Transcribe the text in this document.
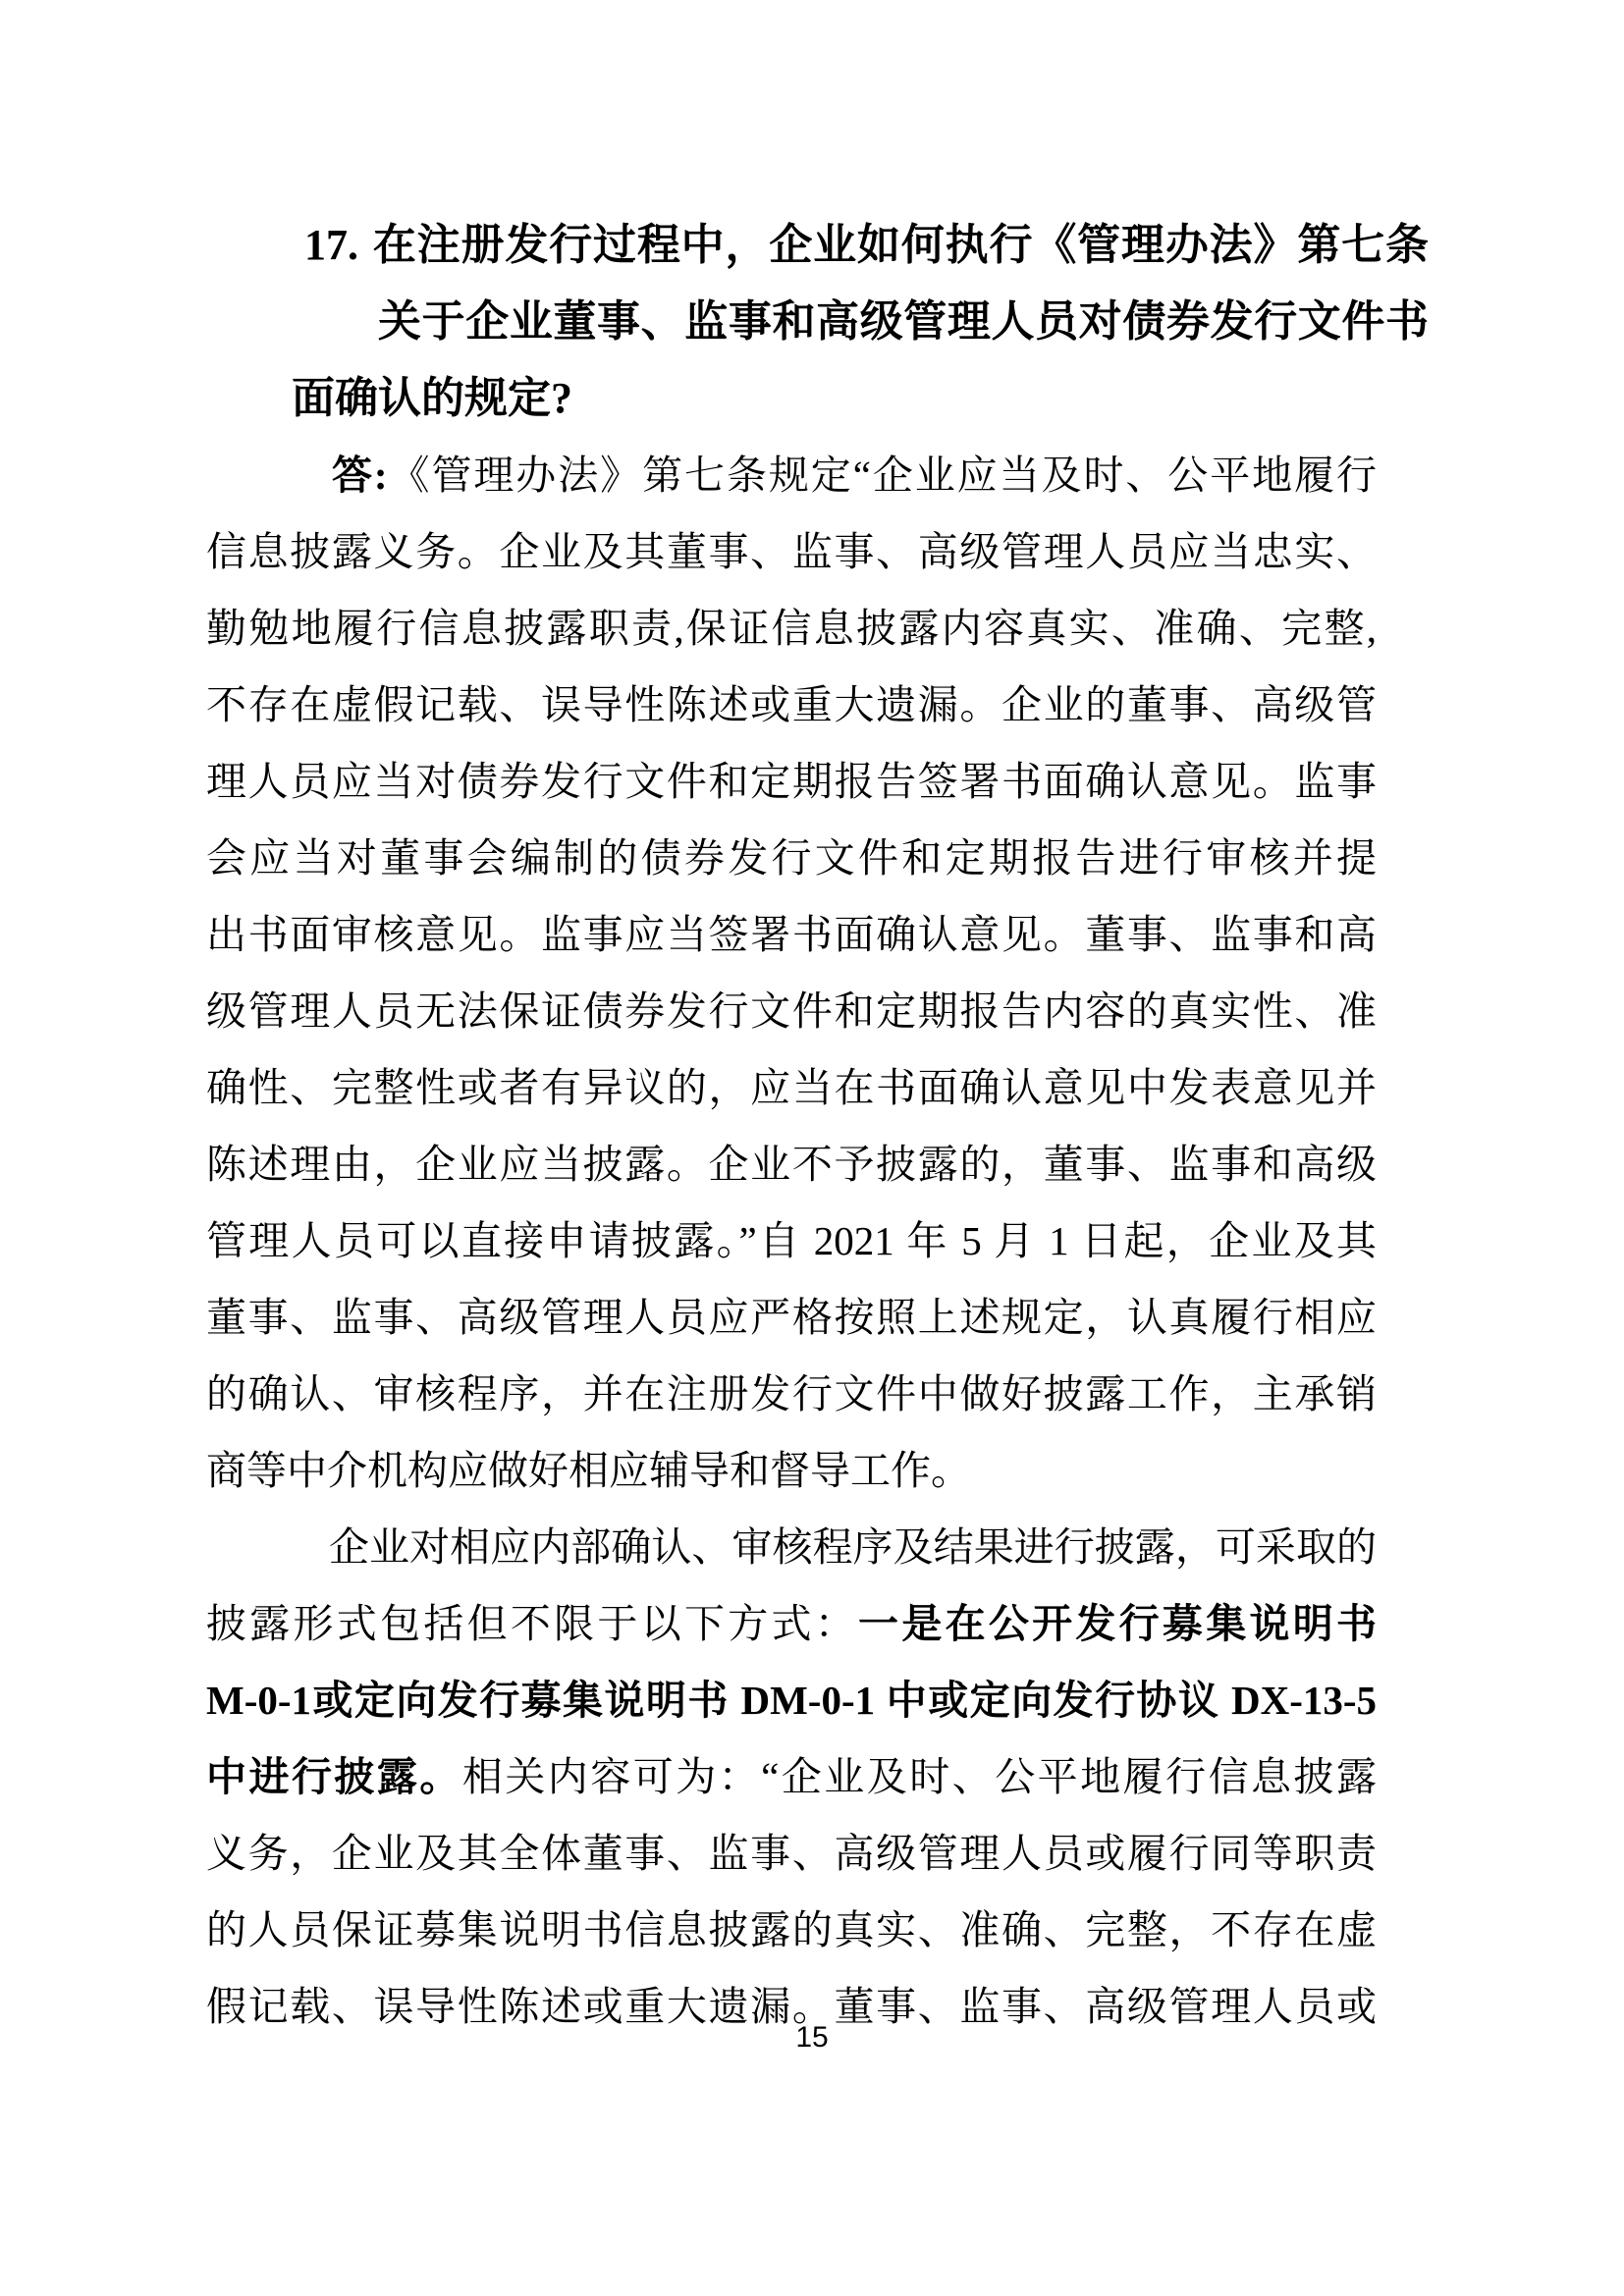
17. 在注册发行过程中，企业如何执行《管理办法》第七条
关于企业董事、监事和高级管理人员对债券发行文件书
面确认的规定?
答:《管理办法》第七条规定“企业应当及时、公平地履行
信息披露义务。企业及其董事、监事、高级管理人员应当忠实、
勤勉地履行信息披露职责,保证信息披露内容真实、准确、完整,
不存在虚假记载、误导性陈述或重大遗漏。企业的董事、高级管
理人员应当对债券发行文件和定期报告签署书面确认意见。监事
会应当对董事会编制的债券发行文件和定期报告进行审核并提
出书面审核意见。监事应当签署书面确认意见。董事、监事和高
级管理人员无法保证债券发行文件和定期报告内容的真实性、准
确性、完整性或者有异议的，应当在书面确认意见中发表意见并
陈述理由，企业应当披露。企业不予披露的，董事、监事和高级
管理人员可以直接申请披露。”自 2021 年 5 月 1 日起，企业及其
董事、监事、高级管理人员应严格按照上述规定，认真履行相应
的确认、审核程序，并在注册发行文件中做好披露工作，主承销
商等中介机构应做好相应辅导和督导工作。
企业对相应内部确认、审核程序及结果进行披露，可采取的
披露形式包括但不限于以下方式：一是在公开发行募集说明书
M-0-1或定向发行募集说明书 DM-0-1 中或定向发行协议 DX-13-5
中进行披露。相关内容可为：“企业及时、公平地履行信息披露
义务，企业及其全体董事、监事、高级管理人员或履行同等职责
的人员保证募集说明书信息披露的真实、准确、完整，不存在虚
假记载、误导性陈述或重大遗漏。董事、监事、高级管理人员或
15
